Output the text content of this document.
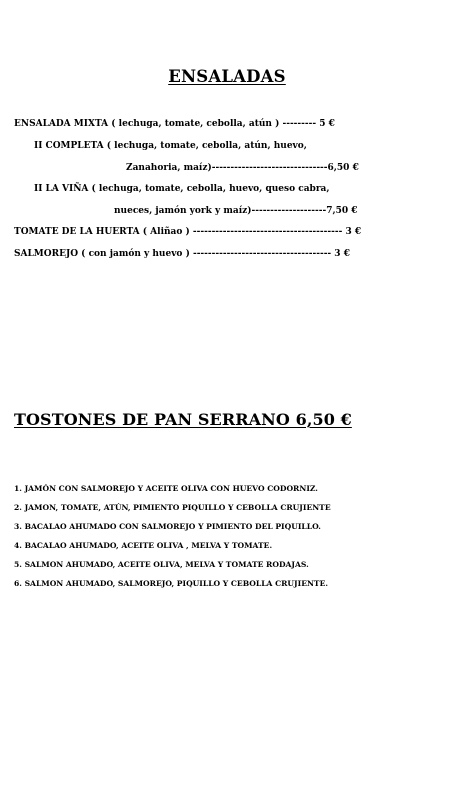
ENSALADAS
ENSALADA MIXTA ( lechuga, tomate, cebolla, atún ) --------- 5 €
II COMPLETA ( lechuga, tomate, cebolla, atún, huevo,
Zanahoria, maíz)-------------------------------6,50 €
II LA VIÑA ( lechuga, tomate, cebolla, huevo, queso cabra,
nueces, jamón york y maíz)--------------------7,50 €
TOMATE DE LA HUERTA ( Aliñao ) ---------------------------------------- 3 €
SALMOREJO ( con jamón y huevo ) ------------------------------------- 3 €
TOSTONES DE PAN SERRANO 6,50 €
1. JAMÓN CON SALMOREJO Y ACEITE OLIVA CON HUEVO CODORNIZ.
2. JAMON, TOMATE, ATÚN, PIMIENTO PIQUILLO Y CEBOLLA CRUJIENTE
3. BACALAO AHUMADO CON SALMOREJO Y PIMIENTO DEL PIQUILLO.
4. BACALAO AHUMADO, ACEITE OLIVA , MELVA Y TOMATE.
5. SALMON AHUMADO, ACEITE OLIVA, MELVA Y TOMATE RODAJAS.
6. SALMON AHUMADO, SALMOREJO, PIQUILLO Y CEBOLLA CRUJIENTE.
